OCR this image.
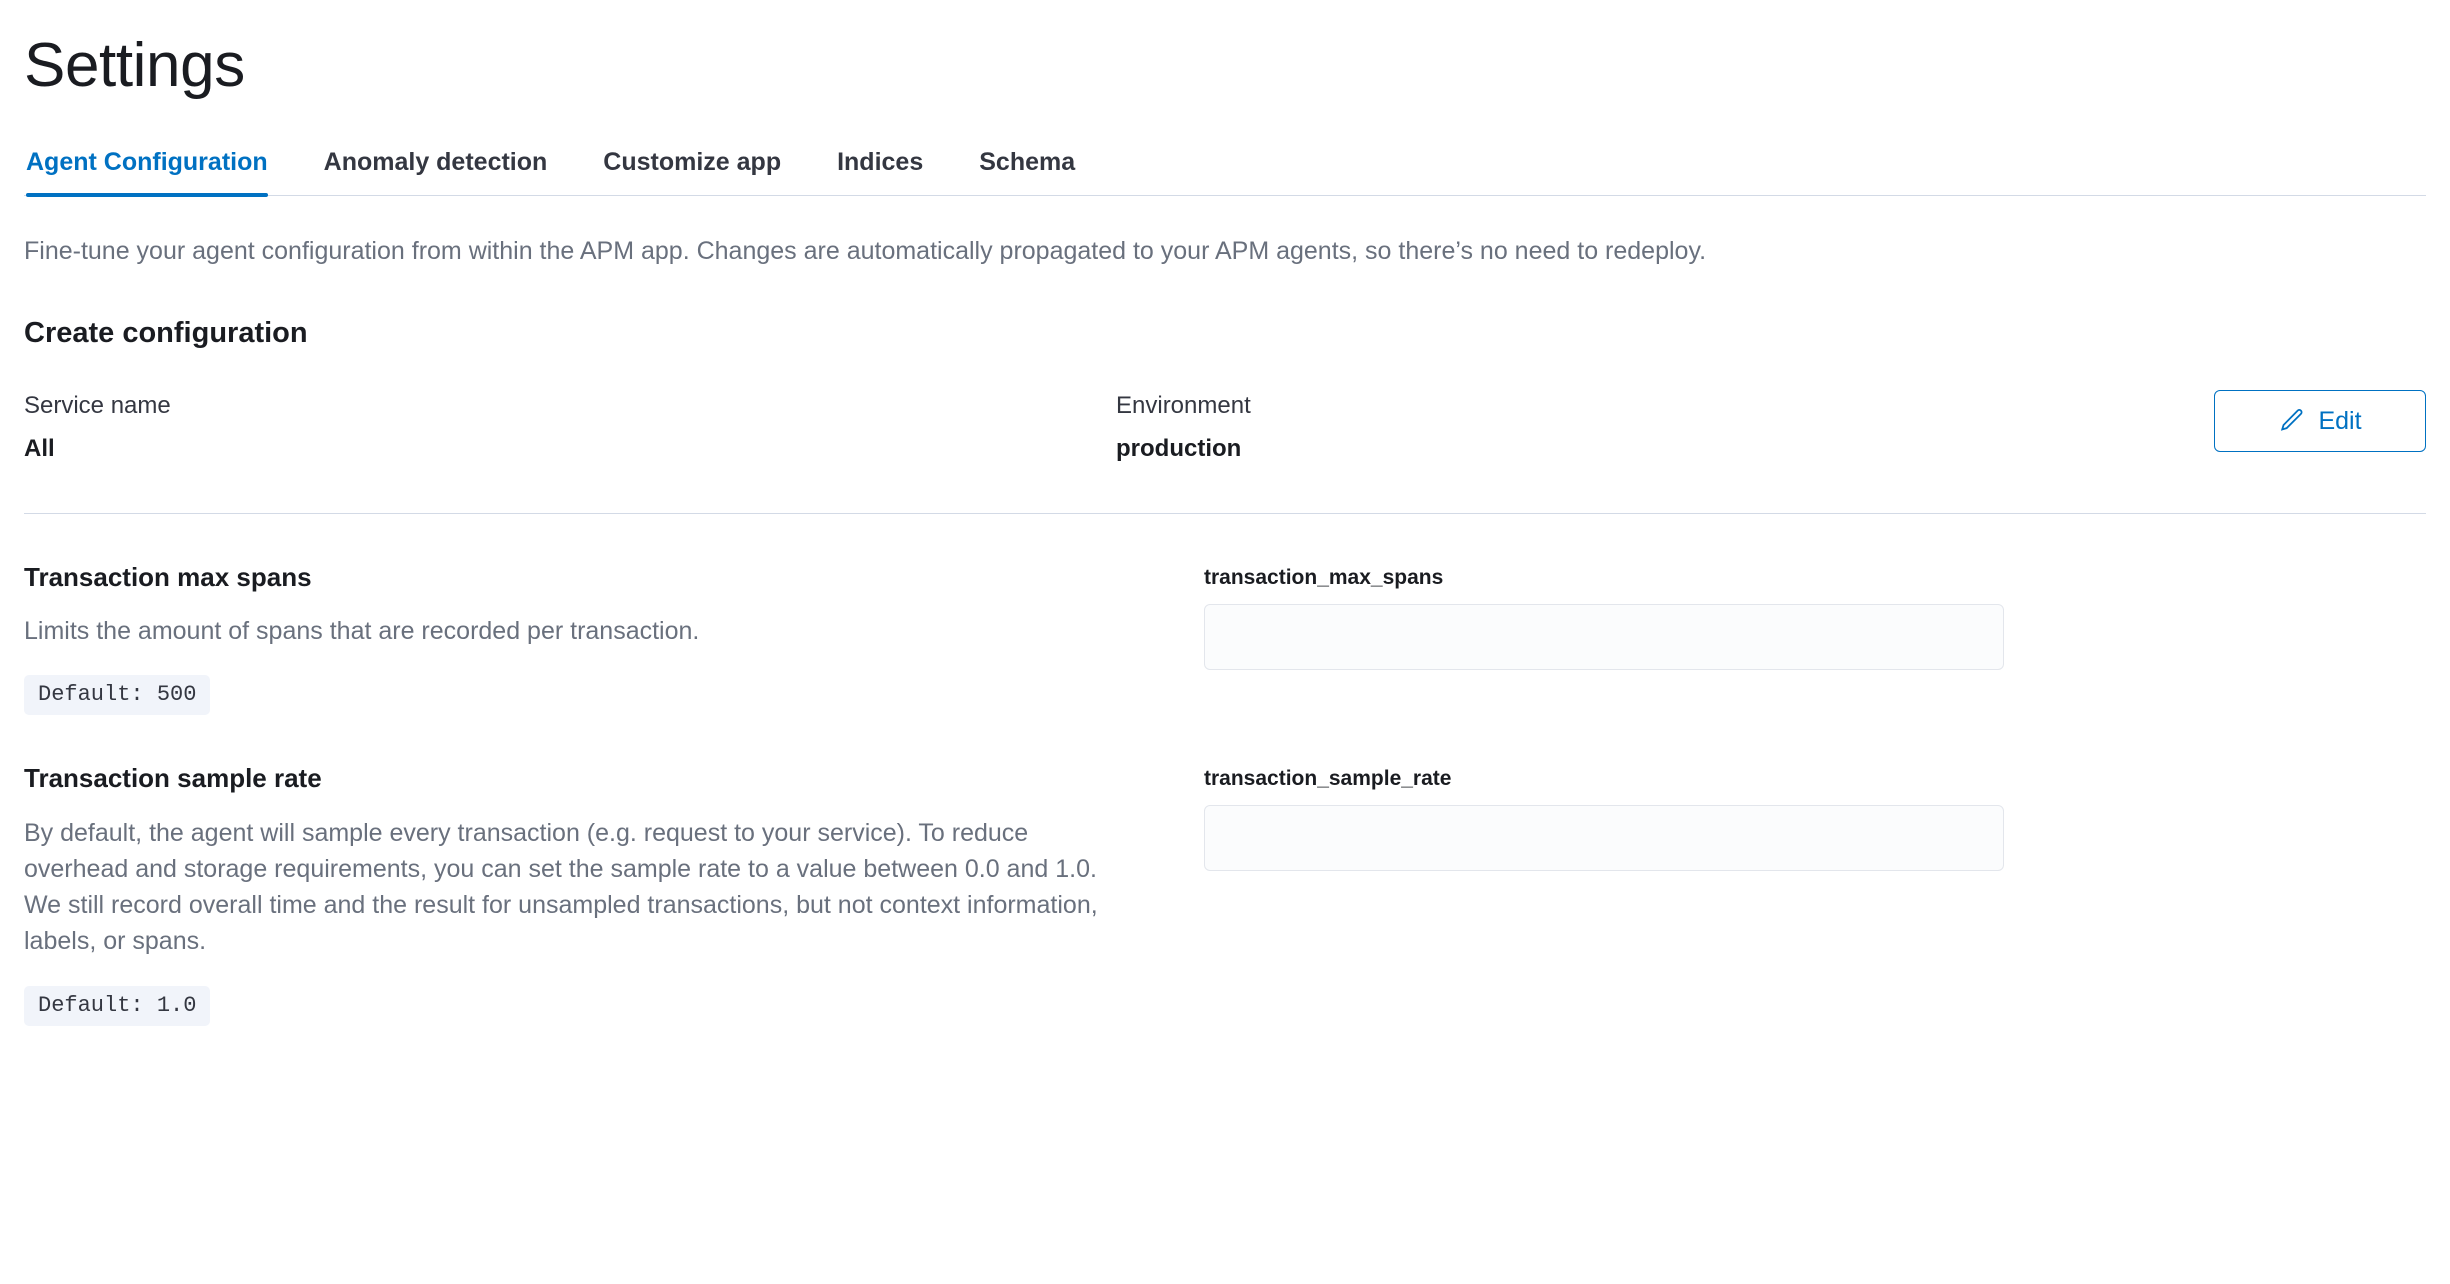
Settings
Agent Configuration	Anomaly detection	Customize app	Indices	Schema

Fine-tune your agent configuration from within the APM app. Changes are automatically propagated to your APM agents, so there’s no need to redeploy.

Create configuration
Service name
All
Environment
production
Edit
Transaction max spans
Limits the amount of spans that are recorded per transaction.
Default: 500
transaction_max_spans
Transaction sample rate
By default, the agent will sample every transaction (e.g. request to your service). To reduce overhead and storage requirements, you can set the sample rate to a value between 0.0 and 1.0. We still record overall time and the result for unsampled transactions, but not context information, labels, or spans.
Default: 1.0
transaction_sample_rate
